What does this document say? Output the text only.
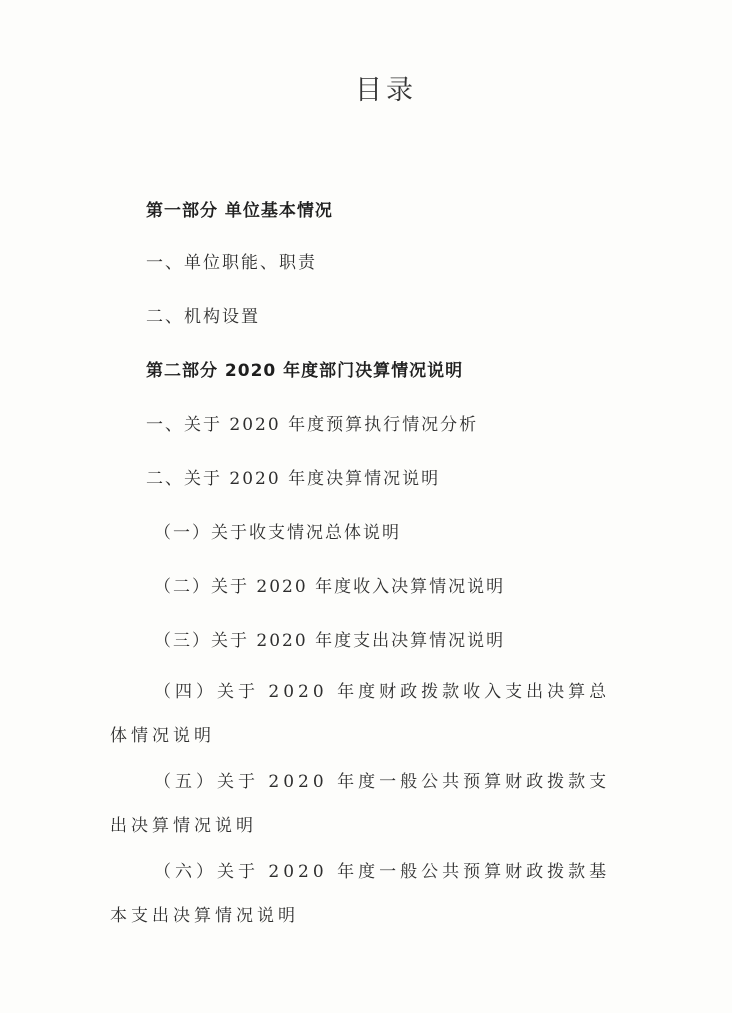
目录
第一部分 单位基本情况
一、单位职能、职责
二、机构设置
第二部分 2020 年度部门决算情况说明
一、关于 2020 年度预算执行情况分析
二、关于 2020 年度决算情况说明
（一）关于收支情况总体说明
（二）关于 2020 年度收入决算情况说明
（三）关于 2020 年度支出决算情况说明
（四）关于 2020 年度财政拨款收入支出决算总体情况说明
（五）关于 2020 年度一般公共预算财政拨款支出决算情况说明
（六）关于 2020 年度一般公共预算财政拨款基本支出决算情况说明
